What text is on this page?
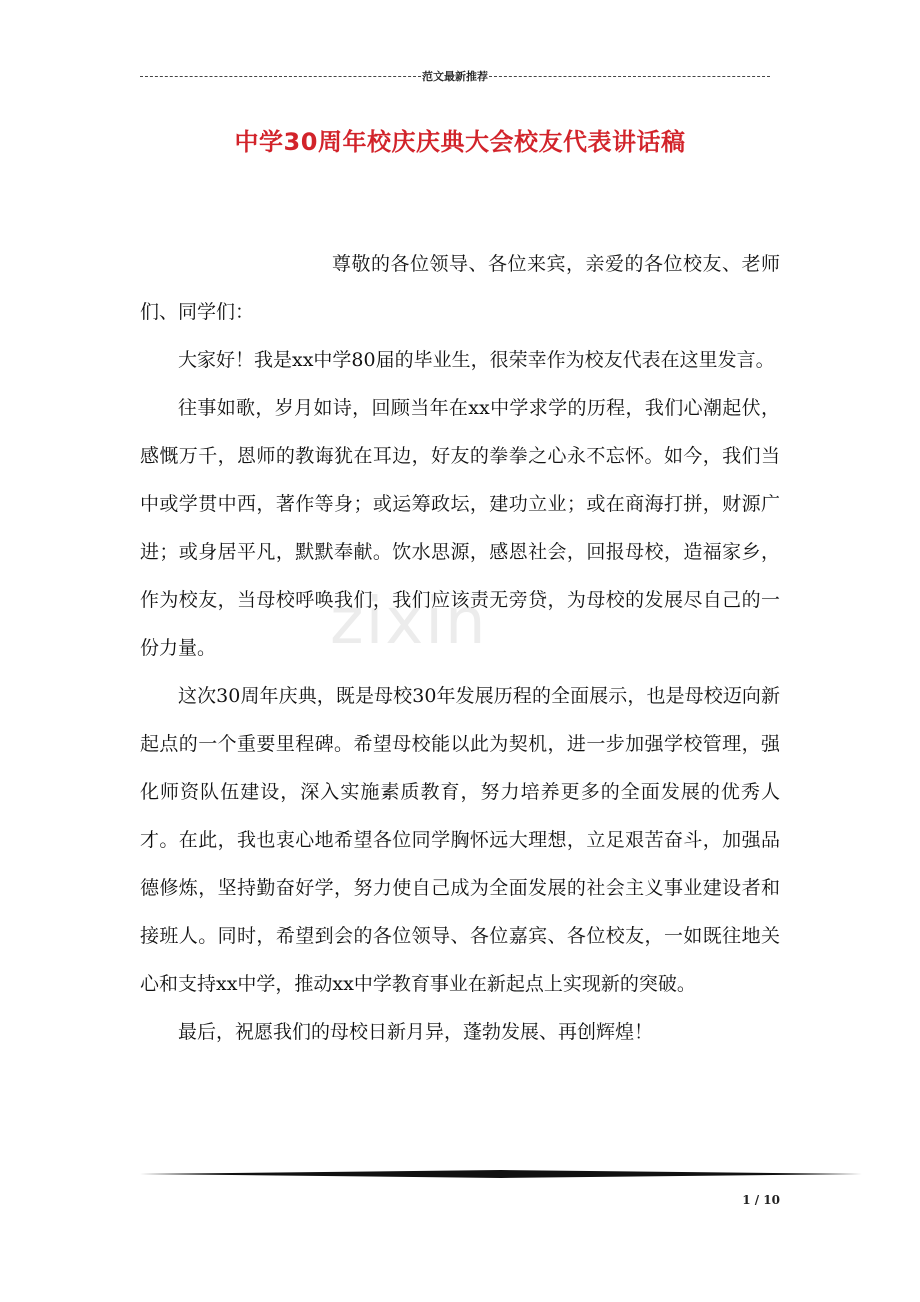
范文最新推荐
中学30周年校庆庆典大会校友代表讲话稿
zixin

尊敬的各位领导、各位来宾，亲爱的各位校友、老师们、同学们：

大家好！我是xx中学80届的毕业生，很荣幸作为校友代表在这里发言。

往事如歌，岁月如诗，回顾当年在xx中学求学的历程，我们心潮起伏，感慨万千，恩师的教诲犹在耳边，好友的拳拳之心永不忘怀。如今，我们当中或学贯中西，著作等身；或运筹政坛，建功立业；或在商海打拼，财源广进；或身居平凡，默默奉献。饮水思源，感恩社会，回报母校，造福家乡，作为校友，当母校呼唤我们，我们应该责无旁贷，为母校的发展尽自己的一份力量。

这次30周年庆典，既是母校30年发展历程的全面展示，也是母校迈向新起点的一个重要里程碑。希望母校能以此为契机，进一步加强学校管理，强化师资队伍建设，深入实施素质教育，努力培养更多的全面发展的优秀人才。在此，我也衷心地希望各位同学胸怀远大理想，立足艰苦奋斗，加强品德修炼，坚持勤奋好学，努力使自己成为全面发展的社会主义事业建设者和接班人。同时，希望到会的各位领导、各位嘉宾、各位校友，一如既往地关心和支持xx中学，推动xx中学教育事业在新起点上实现新的突破。

最后，祝愿我们的母校日新月异，蓬勃发展、再创辉煌！

1 / 10
